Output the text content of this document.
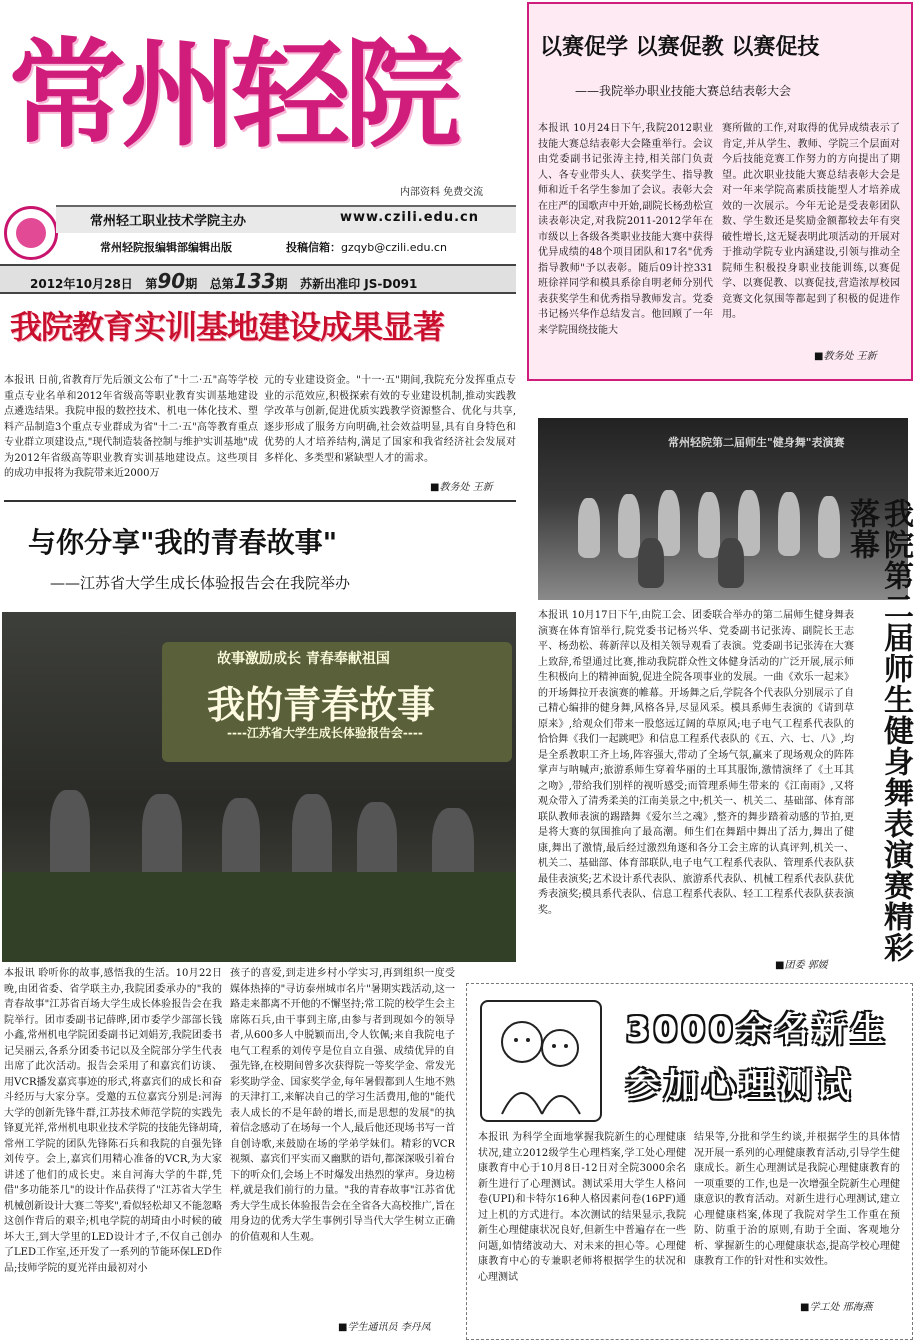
常州轻院
内部资料 免费交流
常州轻工职业技术学院主办	www.czili.edu.cn
常州轻院报编辑部编辑出版	投稿信箱：gzqyb@czili.edu.cn
2012年10月28日 第90期 总第133期 苏新出准印 JS-D091
以赛促学 以赛促教 以赛促技
——我院举办职业技能大赛总结表彰大会
本报讯 10月24日下午,我院2012职业技能大赛总结表彰大会隆重举行。会议由党委副书记张涛主持,相关部门负责人、各专业带头人、获奖学生、指导教师和近千名学生参加了会议。表彰大会在庄严的国歌声中开始,副院长杨劲松宣读表彰决定,对我院2011-2012学年在市级以上各级各类职业技能大赛中获得优异成绩的48个项目团队和17名"优秀指导教师"予以表彰。随后09计控331班徐祥同学和模具系徐自明老师分别代表获奖学生和优秀指导教师发言。党委书记杨兴华作总结发言。他回顾了一年来学院围绕技能大
赛所做的工作,对取得的优异成绩表示了肯定,并从学生、教师、学院三个层面对今后技能竞赛工作努力的方向提出了期望。此次职业技能大赛总结表彰大会是对一年来学院高素质技能型人才培养成效的一次展示。今年无论是受表彰团队数、学生数还是奖励金额都较去年有突破性增长,这无疑表明此项活动的开展对于推动学院专业内涵建设,引领与推动全院师生积极投身职业技能训练,以赛促学、以赛促教、以赛促技,营造浓厚校园竞赛文化氛围等都起到了积极的促进作用。
■教务处 王新
我院教育实训基地建设成果显著
本报讯 日前,省教育厅先后颁文公布了"十二·五"高等学校重点专业名单和2012年省级高等职业教育实训基地建设点遴选结果。我院申报的数控技术、机电一体化技术、塑料产品制造3个重点专业群成为省"十二·五"高等教育重点专业群立项建设点,"现代制造装备控制与维护实训基地"成为2012年省级高等职业教育实训基地建设点。这些项目的成功申报将为我院带来近2000万
元的专业建设资金。"十一·五"期间,我院充分发挥重点专业的示范效应,积极探索有效的专业建设机制,推动实践教学改革与创新,促进优质实践教学资源整合、优化与共享,逐步形成了服务方向明确,社会效益明显,具有自身特色和优势的人才培养结构,满足了国家和我省经济社会发展对多样化、多类型和紧缺型人才的需求。
■教务处 王新
与你分享"我的青春故事"
——江苏省大学生成长体验报告会在我院举办
故事激励成长 青春奉献祖国
我的青春故事
----江苏省大学生成长体验报告会----
本报讯 聆听你的故事,感悟我的生活。10月22日晚,由团省委、省学联主办,我院团委承办的"我的青春故事"江苏省百场大学生成长体验报告会在我院举行。团市委副书记薛晔,团市委学少部部长钱小鑫,常州机电学院团委副书记刘娟芳,我院团委书记吴丽云,各系分团委书记以及全院部分学生代表出席了此次活动。报告会采用了和嘉宾们访谈、用VCR播发嘉宾事迹的形式,将嘉宾们的成长和奋斗经历与大家分享。受邀的五位嘉宾分别是:河海大学的创新先锋牛群,江苏技术师范学院的实践先锋夏光祥,常州机电职业技术学院的技能先锋胡琦,常州工学院的团队先锋陈石兵和我院的自强先锋刘传亨。会上,嘉宾们用精心准备的VCR,为大家讲述了他们的成长史。来自河海大学的牛群,凭借"多功能茶几"的设计作品获得了"江苏省大学生机械创新设计大赛二等奖",看似轻松却又不能忽略这创作背后的艰辛;机电学院的胡琦由小时候的破坏大王,到大学里的LED设计才子,不仅自己创办了LED工作室,还开发了一系列的节能环保LED作品;技师学院的夏光祥由最初对小
孩子的喜爱,到走进乡村小学实习,再到组织一度受媒体热捧的"寻访泰州城市名片"暑期实践活动,这一路走来都离不开他的不懈坚持;常工院的校学生会主席陈石兵,由干事到主席,由参与者到现如今的领导者,从600多人中脱颖而出,令人钦佩;来自我院电子电气工程系的刘传亨是位自立自强、成绩优异的自强先锋,在校期间曾多次获得院一等奖学金、常发光彩奖助学金、国家奖学金,每年暑假都到人生地不熟的天津打工,来解决自己的学习生活费用,他的"能代表人成长的不是年龄的增长,而是思想的发展"的执着信念感动了在场每一个人,最后他还现场书写一首自创诗歌,来鼓励在场的学弟学妹们。精彩的VCR视频、嘉宾们平实而又幽默的语句,都深深吸引着台下的听众们,会场上不时爆发出热烈的掌声。身边榜样,就是我们前行的力量。"我的青春故事"江苏省优秀大学生成长体验报告会在全省各大高校推广,旨在用身边的优秀大学生事例引导当代大学生树立正确的价值观和人生观。
■学生通讯员 李丹凤
常州轻院第二届师生"健身舞"表演赛
我院第二届师生健身舞表演赛精彩落幕
本报讯 10月17日下午,由院工会、团委联合举办的第二届师生健身舞表演赛在体育馆举行,院党委书记杨兴华、党委副书记张涛、副院长王志平、杨劲松、蒋新萍以及相关领导观看了表演。党委副书记张涛在大赛上致辞,希望通过比赛,推动我院群众性文体健身活动的广泛开展,展示师生积极向上的精神面貌,促进全院各项事业的发展。一曲《欢乐一起来》的开场舞拉开表演赛的帷幕。开场舞之后,学院各个代表队分别展示了自己精心编排的健身舞,风格各异,尽显风采。模具系师生表演的《请到草原来》,给观众们带来一股悠远辽阔的草原风;电子电气工程系代表队的恰恰舞《我们一起跳吧》和信息工程系代表队的《五、六、七、八》,均是全系教职工齐上场,阵容强大,带动了全场气氛,赢来了现场观众的阵阵掌声与呐喊声;旅游系师生穿着华丽的土耳其服饰,激情演绎了《土耳其之吻》,带给我们别样的视听感受;而管理系师生带来的《江南雨》,又将观众带入了清秀柔美的江南美景之中;机关一、机关二、基础部、体育部联队教师表演的踢踏舞《爱尔兰之魂》,整齐的舞步踏着动感的节拍,更是将大赛的氛围推向了最高潮。师生们在舞蹈中舞出了活力,舞出了健康,舞出了激情,最后经过激烈角逐和各分工会主席的认真评判,机关一、机关二、基础部、体育部联队,电子电气工程系代表队、管理系代表队获最佳表演奖;艺术设计系代表队、旅游系代表队、机械工程系代表队获优秀表演奖;模具系代表队、信息工程系代表队、轻工工程系代表队获表演奖。
■团委 郭媛
3000余名新生
参加心理测试
本报讯 为科学全面地掌握我院新生的心理健康状况,建立2012级学生心理档案,学工处心理健康教育中心于10月8日-12日对全院3000余名新生进行了心理测试。测试采用大学生人格问卷(UPI)和卡特尔16种人格因素问卷(16PF)通过上机的方式进行。本次测试的结果显示,我院新生心理健康状况良好,但新生中普遍存在一些问题,如情绪波动大、对未来的担心等。心理健康教育中心的专兼职老师将根据学生的状况和心理测试
结果等,分批和学生约谈,并根据学生的具体情况开展一系列的心理健康教育活动,引导学生健康成长。新生心理测试是我院心理健康教育的一项重要的工作,也是一次增强全院新生心理健康意识的教育活动。对新生进行心理测试,建立心理健康档案,体现了我院对学生工作重在预防、防重于治的原则,有助于全面、客观地分析、掌握新生的心理健康状态,提高学校心理健康教育工作的针对性和实效性。
■学工处 邢海燕
